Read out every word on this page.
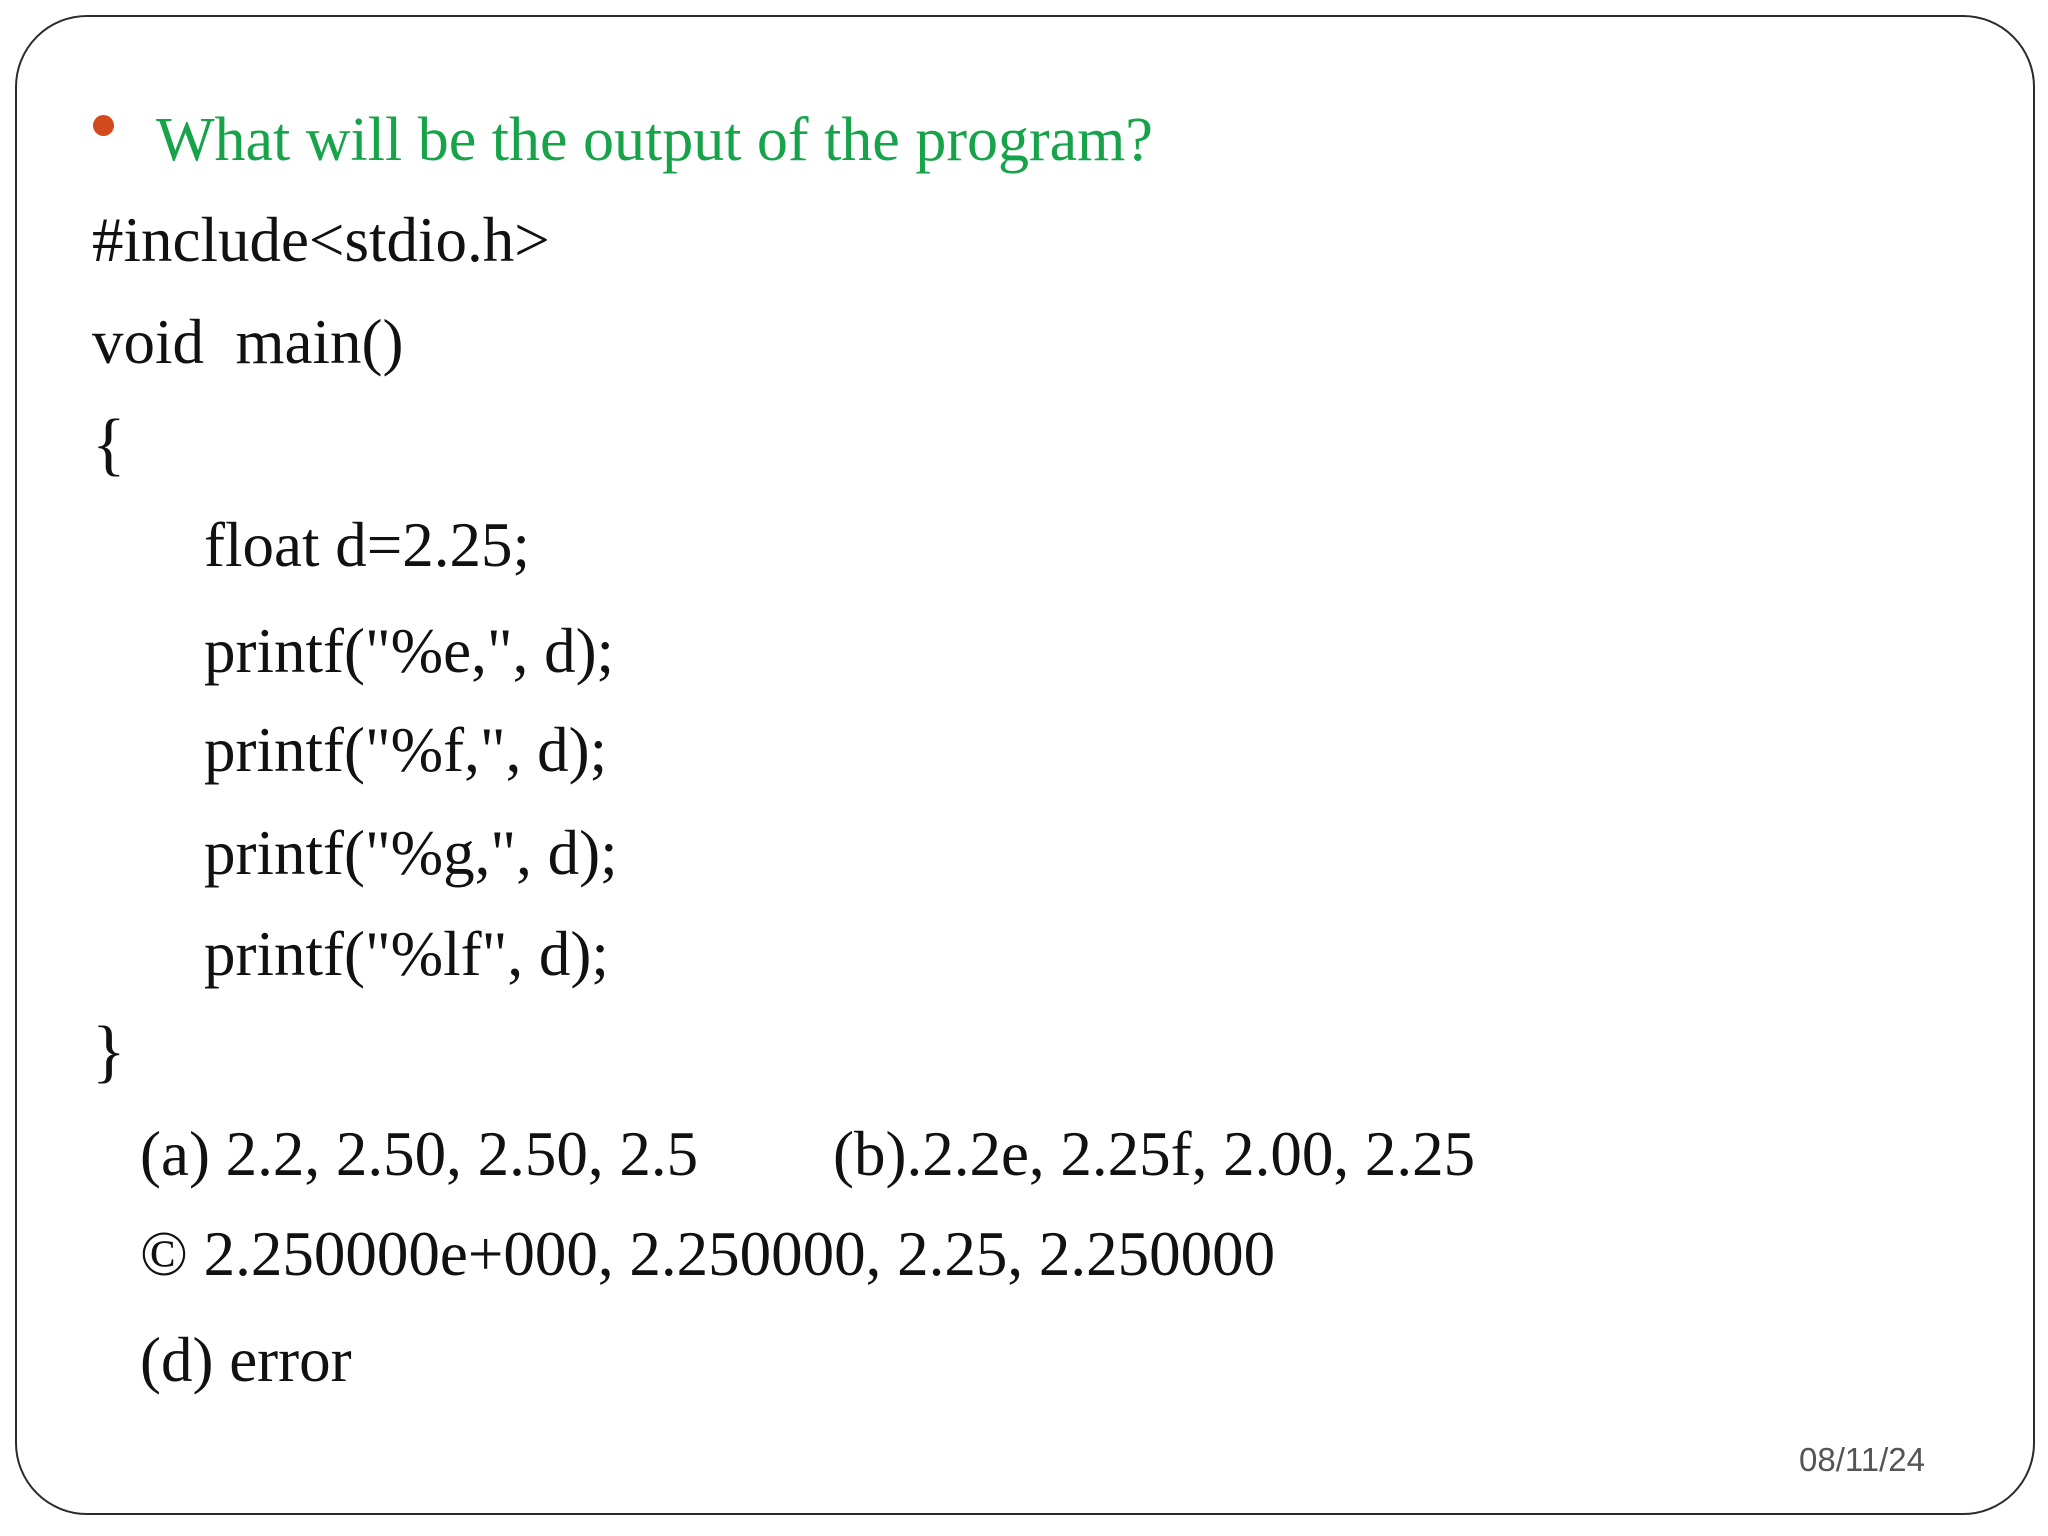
What will be the output of the program?
#include<stdio.h>
void  main()
{
float d=2.25;
printf("%e,", d);
printf("%f,", d);
printf("%g,", d);
printf("%lf", d);
}
(a) 2.2, 2.50, 2.50, 2.5 (b).2.2e, 2.25f, 2.00, 2.25
© 2.250000e+000, 2.250000, 2.25, 2.250000
(d) error
08/11/24
